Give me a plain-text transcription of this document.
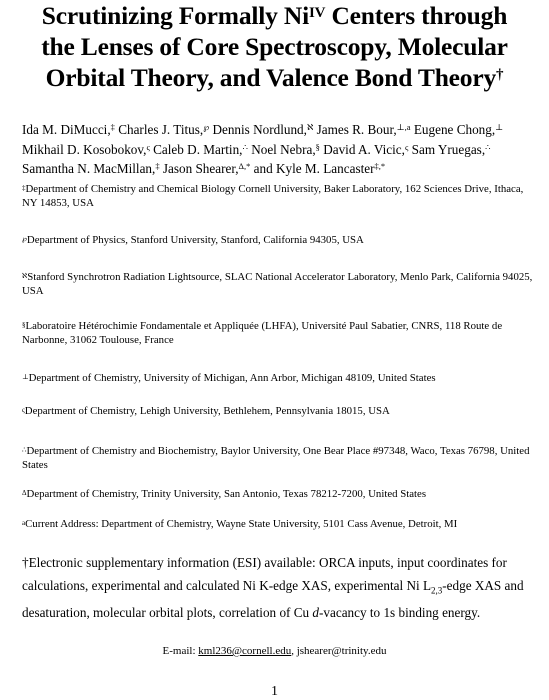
Scrutinizing Formally $Ni^{IV}$ Centers through
the Lenses of Core Spectroscopy, Molecular
Orbital Theory, and Valence Bond Theory†
Ida M. DiMucci,‡ Charles J. Titus,℘ Dennis Nordlund,$^ℵ$ James R. Bour,$^{\perp,a}$ Eugene Chong,⊥
Mikhail D. Kosobokov,$^\varsigma$ Caleb D. Martin,∴ Noel Nebra,§ David A. Vicic,$^\varsigma$ Sam Yruegas,∴
Samantha N. MacMillan,‡ Jason Shearer,$^{\Delta,*}$ and Kyle M. Lancaster‡,*
‡Department of Chemistry and Chemical Biology Cornell University, Baker Laboratory, 162 Sciences Drive, Ithaca, NY 14853, USA
℘Department of Physics, Stanford University, Stanford, California 94305, USA
$^ℵ$Stanford Synchrotron Radiation Lightsource, SLAC National Accelerator Laboratory, Menlo Park, California 94025, USA
§Laboratoire Hétérochimie Fondamentale et Appliquée (LHFA), Université Paul Sabatier, CNRS, 118 Route de Narbonne, 31062 Toulouse, France
⊥Department of Chemistry, University of Michigan, Ann Arbor, Michigan 48109, United States
$^\varsigma$Department of Chemistry, Lehigh University, Bethlehem, Pennsylvania 18015, USA
∴Department of Chemistry and Biochemistry, Baylor University, One Bear Place #97348, Waco, Texas 76798, United States
$^\Delta$Department of Chemistry, Trinity University, San Antonio, Texas 78212-7200, United States
$^a$Current Address: Department of Chemistry, Wayne State University, 5101 Cass Avenue, Detroit, MI
†Electronic supplementary information (ESI) available: ORCA inputs, input coordinates for
calculations, experimental and calculated Ni K-edge XAS, experimental Ni $L_{2,3}$-edge XAS and
desaturation, molecular orbital plots, correlation of Cu d-vacancy to 1s binding energy.
E-mail: kml236@cornell.edu, jshearer@trinity.edu
1
